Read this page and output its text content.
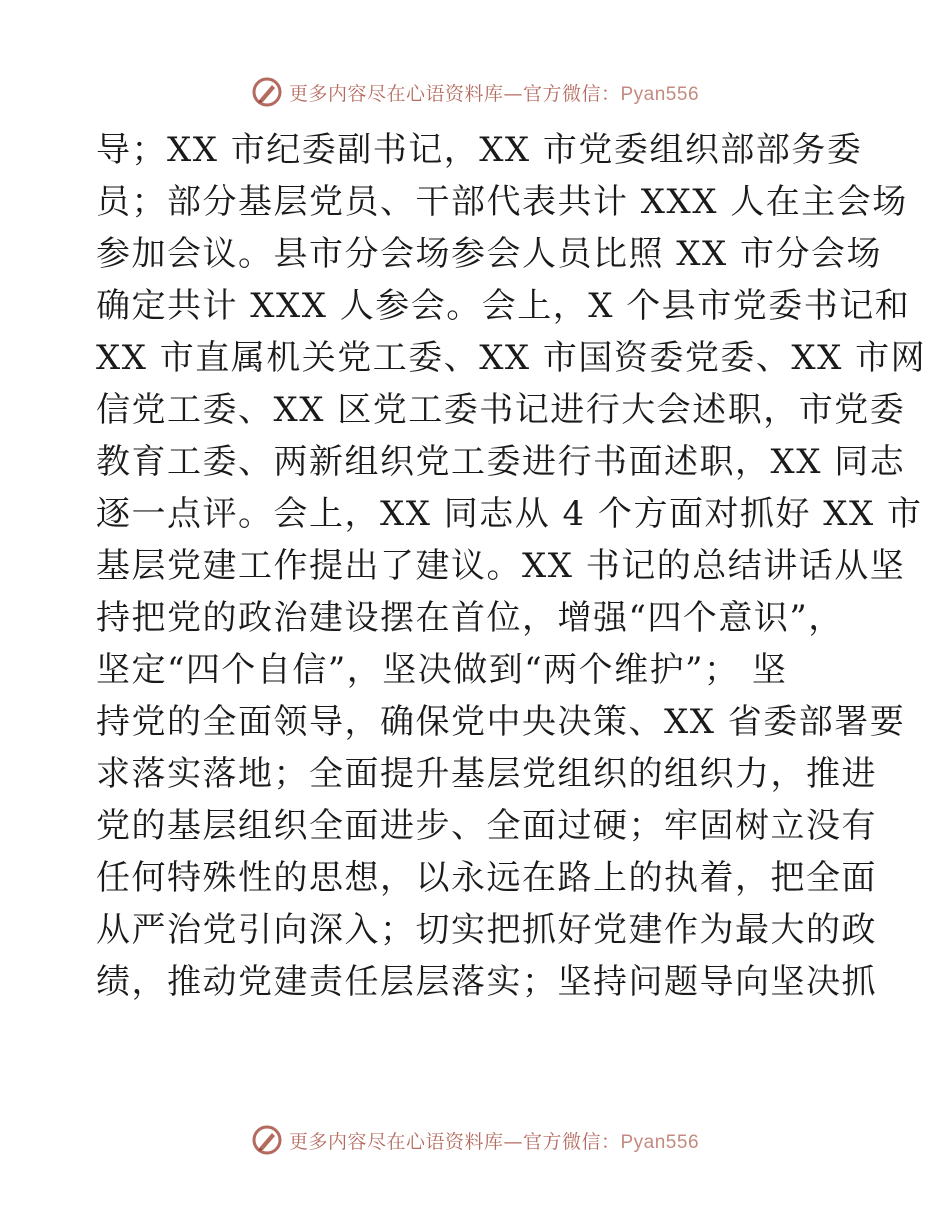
更多内容尽在心语资料库—官方微信：Pyan556
导；XX 市纪委副书记，XX 市党委组织部部务委
员；部分基层党员、干部代表共计 XXX 人在主会场
参加会议。县市分会场参会人员比照 XX 市分会场
确定共计 XXX 人参会。会上，X 个县市党委书记和
XX 市直属机关党工委、XX 市国资委党委、XX 市网
信党工委、XX 区党工委书记进行大会述职，市党委
教育工委、两新组织党工委进行书面述职，XX 同志
逐一点评。会上，XX 同志从 4 个方面对抓好 XX 市
基层党建工作提出了建议。XX 书记的总结讲话从坚
持把党的政治建设摆在首位，增强“四个意识”，
坚定“四个自信”，坚决做到“两个维护”； 坚
持党的全面领导，确保党中央决策、XX 省委部署要
求落实落地；全面提升基层党组织的组织力，推进
党的基层组织全面进步、全面过硬；牢固树立没有
任何特殊性的思想，以永远在路上的执着，把全面
从严治党引向深入；切实把抓好党建作为最大的政
绩，推动党建责任层层落实；坚持问题导向坚决抓
更多内容尽在心语资料库—官方微信：Pyan556
